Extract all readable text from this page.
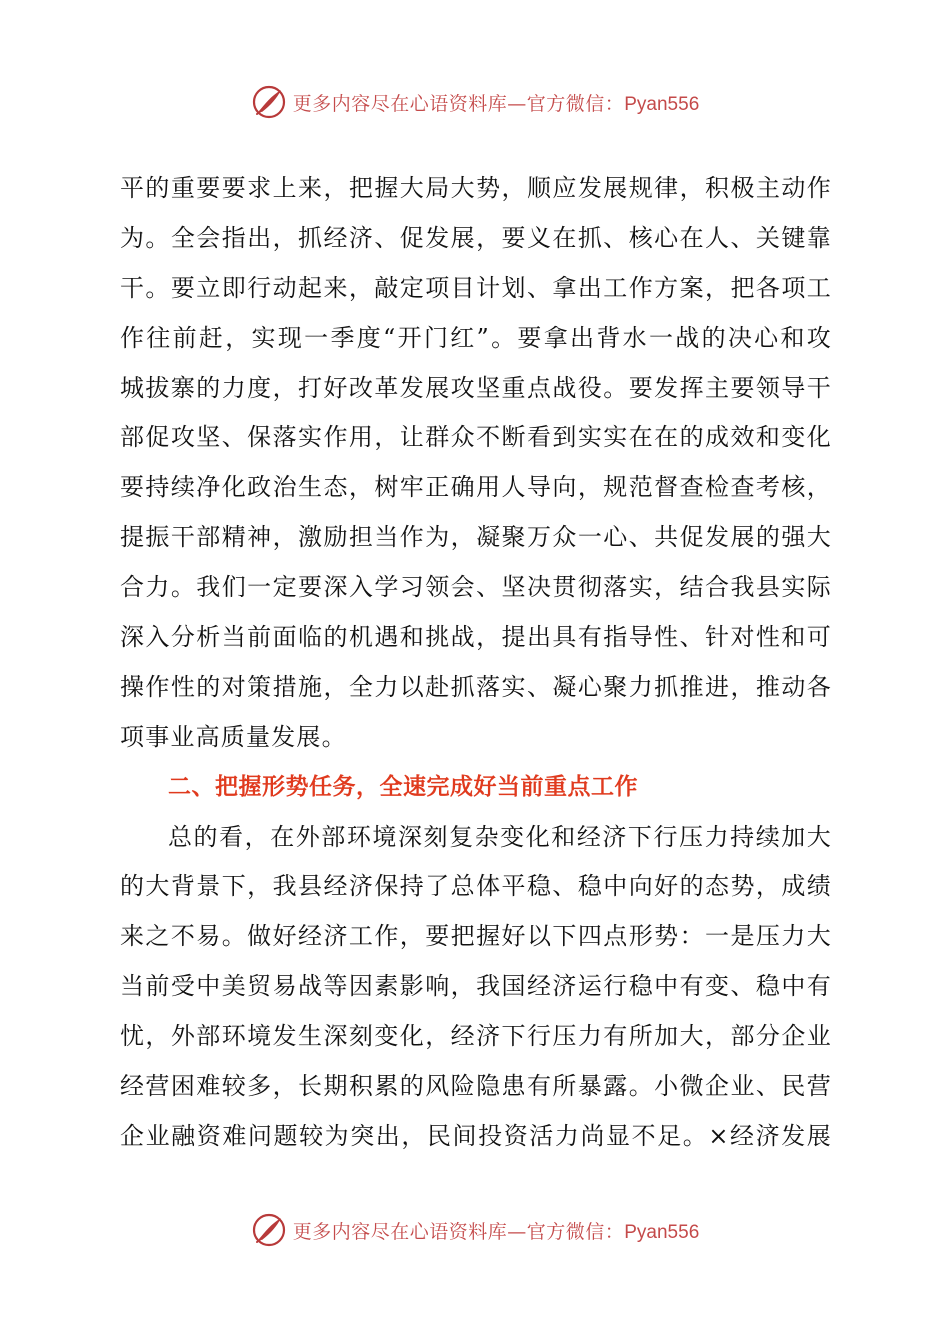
更多内容尽在心语资料库—官方微信：Pyan556
平的重要要求上来，把握大局大势，顺应发展规律，积极主动作
为。全会指出，抓经济、促发展，要义在抓、核心在人、关键靠
干。要立即行动起来，敲定项目计划、拿出工作方案，把各项工
作往前赶，实现一季度“开门红”。要拿出背水一战的决心和攻
城拔寨的力度，打好改革发展攻坚重点战役。要发挥主要领导干
部促攻坚、保落实作用，让群众不断看到实实在在的成效和变化
要持续净化政治生态，树牢正确用人导向，规范督查检查考核，
提振干部精神，激励担当作为，凝聚万众一心、共促发展的强大
合力。我们一定要深入学习领会、坚决贯彻落实，结合我县实际
深入分析当前面临的机遇和挑战，提出具有指导性、针对性和可
操作性的对策措施，全力以赴抓落实、凝心聚力抓推进，推动各
项事业高质量发展。
二、把握形势任务，全速完成好当前重点工作
总的看，在外部环境深刻复杂变化和经济下行压力持续加大
的大背景下，我县经济保持了总体平稳、稳中向好的态势，成绩
来之不易。做好经济工作，要把握好以下四点形势：一是压力大
当前受中美贸易战等因素影响，我国经济运行稳中有变、稳中有
忧，外部环境发生深刻变化，经济下行压力有所加大，部分企业
经营困难较多，长期积累的风险隐患有所暴露。小微企业、民营
企业融资难问题较为突出，民间投资活力尚显不足。×经济发展
更多内容尽在心语资料库—官方微信：Pyan556
